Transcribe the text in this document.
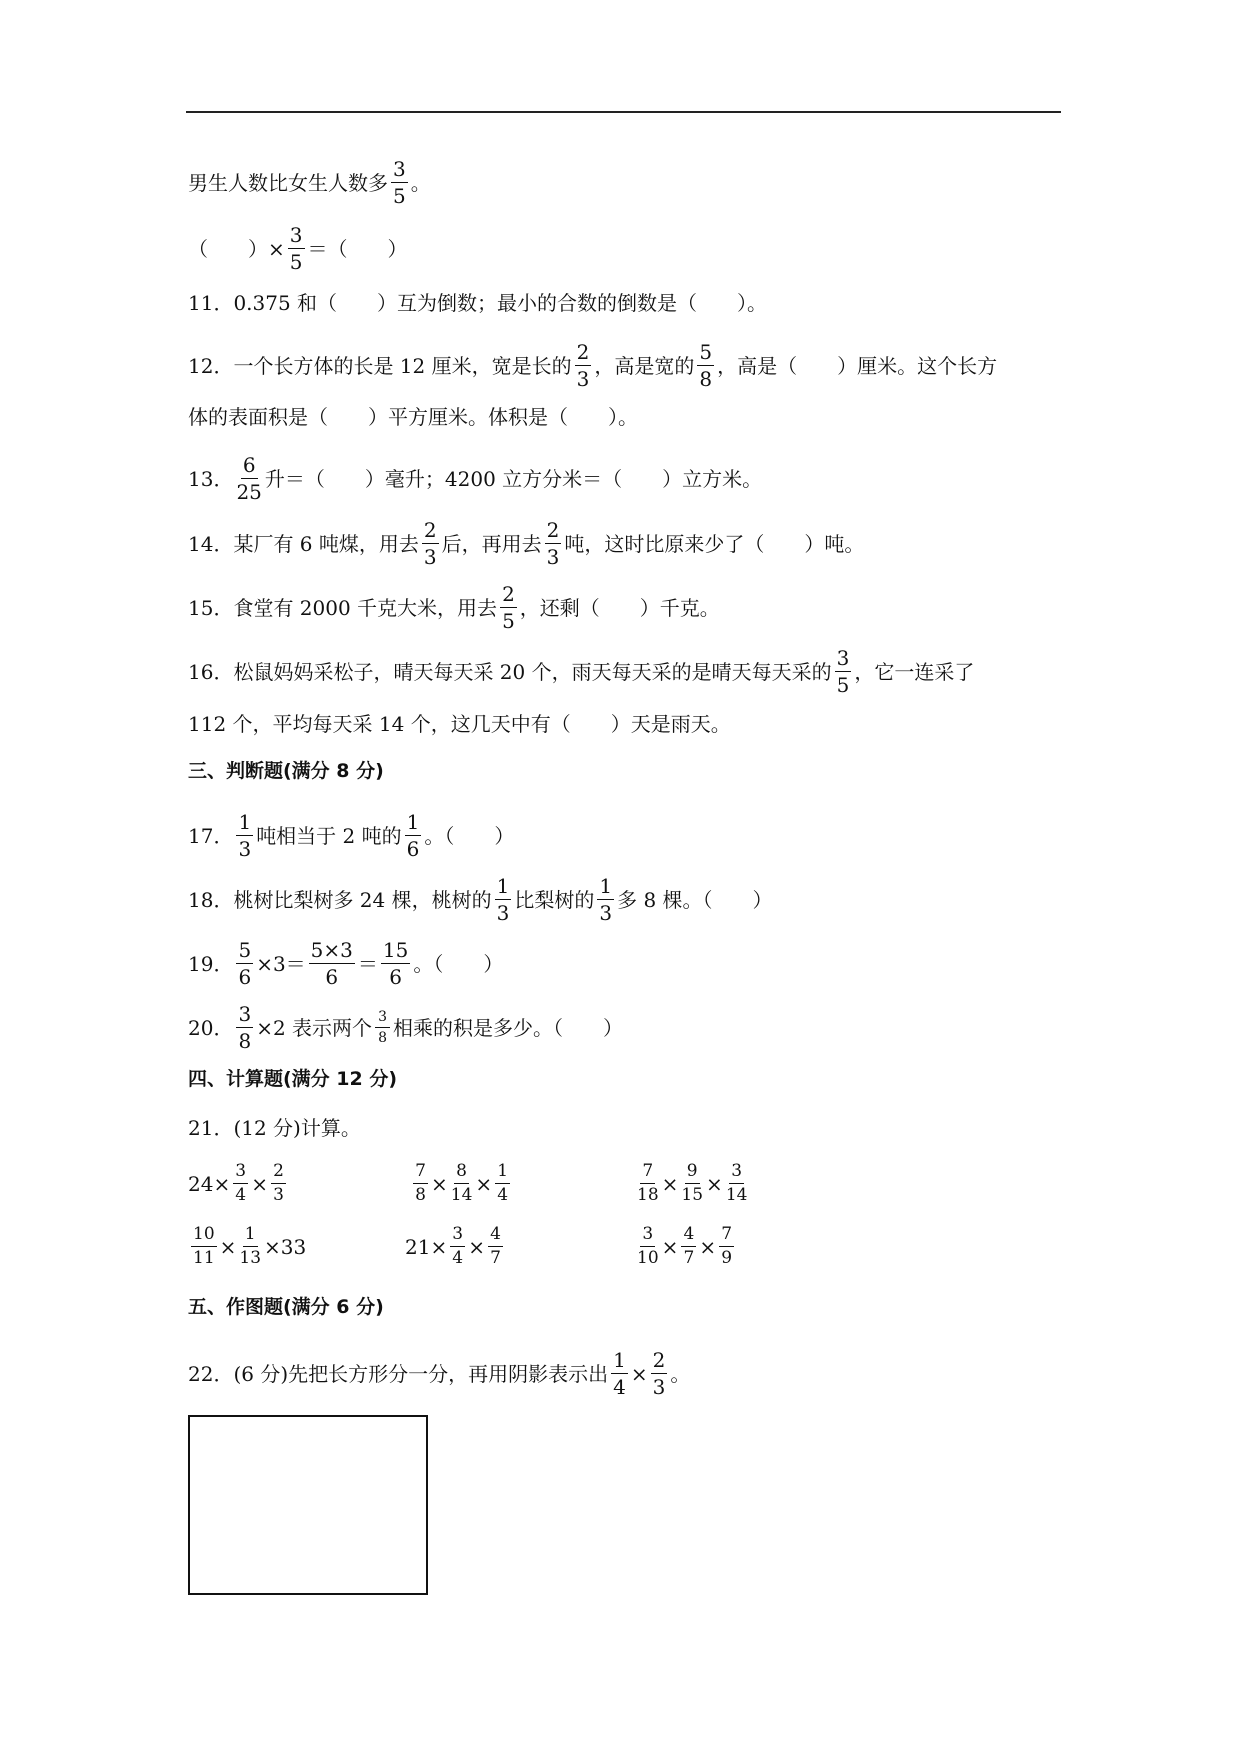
男生人数比女生人数多 $\frac{3}{5}$ 。
（　　）× $\frac{3}{5}$ ＝（　　）
11．0.375 和（　　）互为倒数；最小的合数的倒数是（　　）。
12．一个长方体的长是 12 厘米，宽是长的 $\frac{2}{3}$ ，高是宽的 $\frac{5}{8}$ ，高是（　　）厘米。这个长方
体的表面积是（　　）平方厘米。体积是（　　）。
13． $\frac{6}{25}$ 升＝（　　）毫升；4200 立方分米＝（　　）立方米。
14．某厂有 6 吨煤，用去 $\frac{2}{3}$ 后，再用去 $\frac{2}{3}$ 吨，这时比原来少了（　　）吨。
15．食堂有 2000 千克大米，用去 $\frac{2}{5}$ ，还剩（　　）千克。
16．松鼠妈妈采松子，晴天每天采 20 个，雨天每天采的是晴天每天采的 $\frac{3}{5}$ ，它一连采了
112 个，平均每天采 14 个，这几天中有（　　）天是雨天。
三、判断题(满分 8 分)
17． $\frac{1}{3}$ 吨相当于 2 吨的 $\frac{1}{6}$ 。（　　）
18．桃树比梨树多 24 棵，桃树的 $\frac{1}{3}$ 比梨树的 $\frac{1}{3}$ 多 8 棵。（　　）
19． $\frac{5}{6} \times 3= \frac{5\times 3}{6} = \frac{15}{6}$ 。（　　）
20． $\frac{3}{8} \times 2$ 表示两个 $\frac{3}{8}$ 相乘的积是多少。（　　）
四、计算题(满分 12 分)
21．(12 分)计算。
$24\times \frac{3}{4} \times \frac{2}{3}$	$\frac{7}{8} \times \frac{8}{14} \times \frac{1}{4}$	$\frac{7}{18} \times \frac{9}{15} \times \frac{3}{14}$
$\frac{10}{11} \times \frac{1}{13} \times 33$	$21\times \frac{3}{4} \times \frac{4}{7}$	$\frac{3}{10} \times \frac{4}{7} \times \frac{7}{9}$
五、作图题(满分 6 分)
22．(6 分)先把长方形分一分，再用阴影表示出 $\frac{1}{4} \times \frac{2}{3}$ 。
